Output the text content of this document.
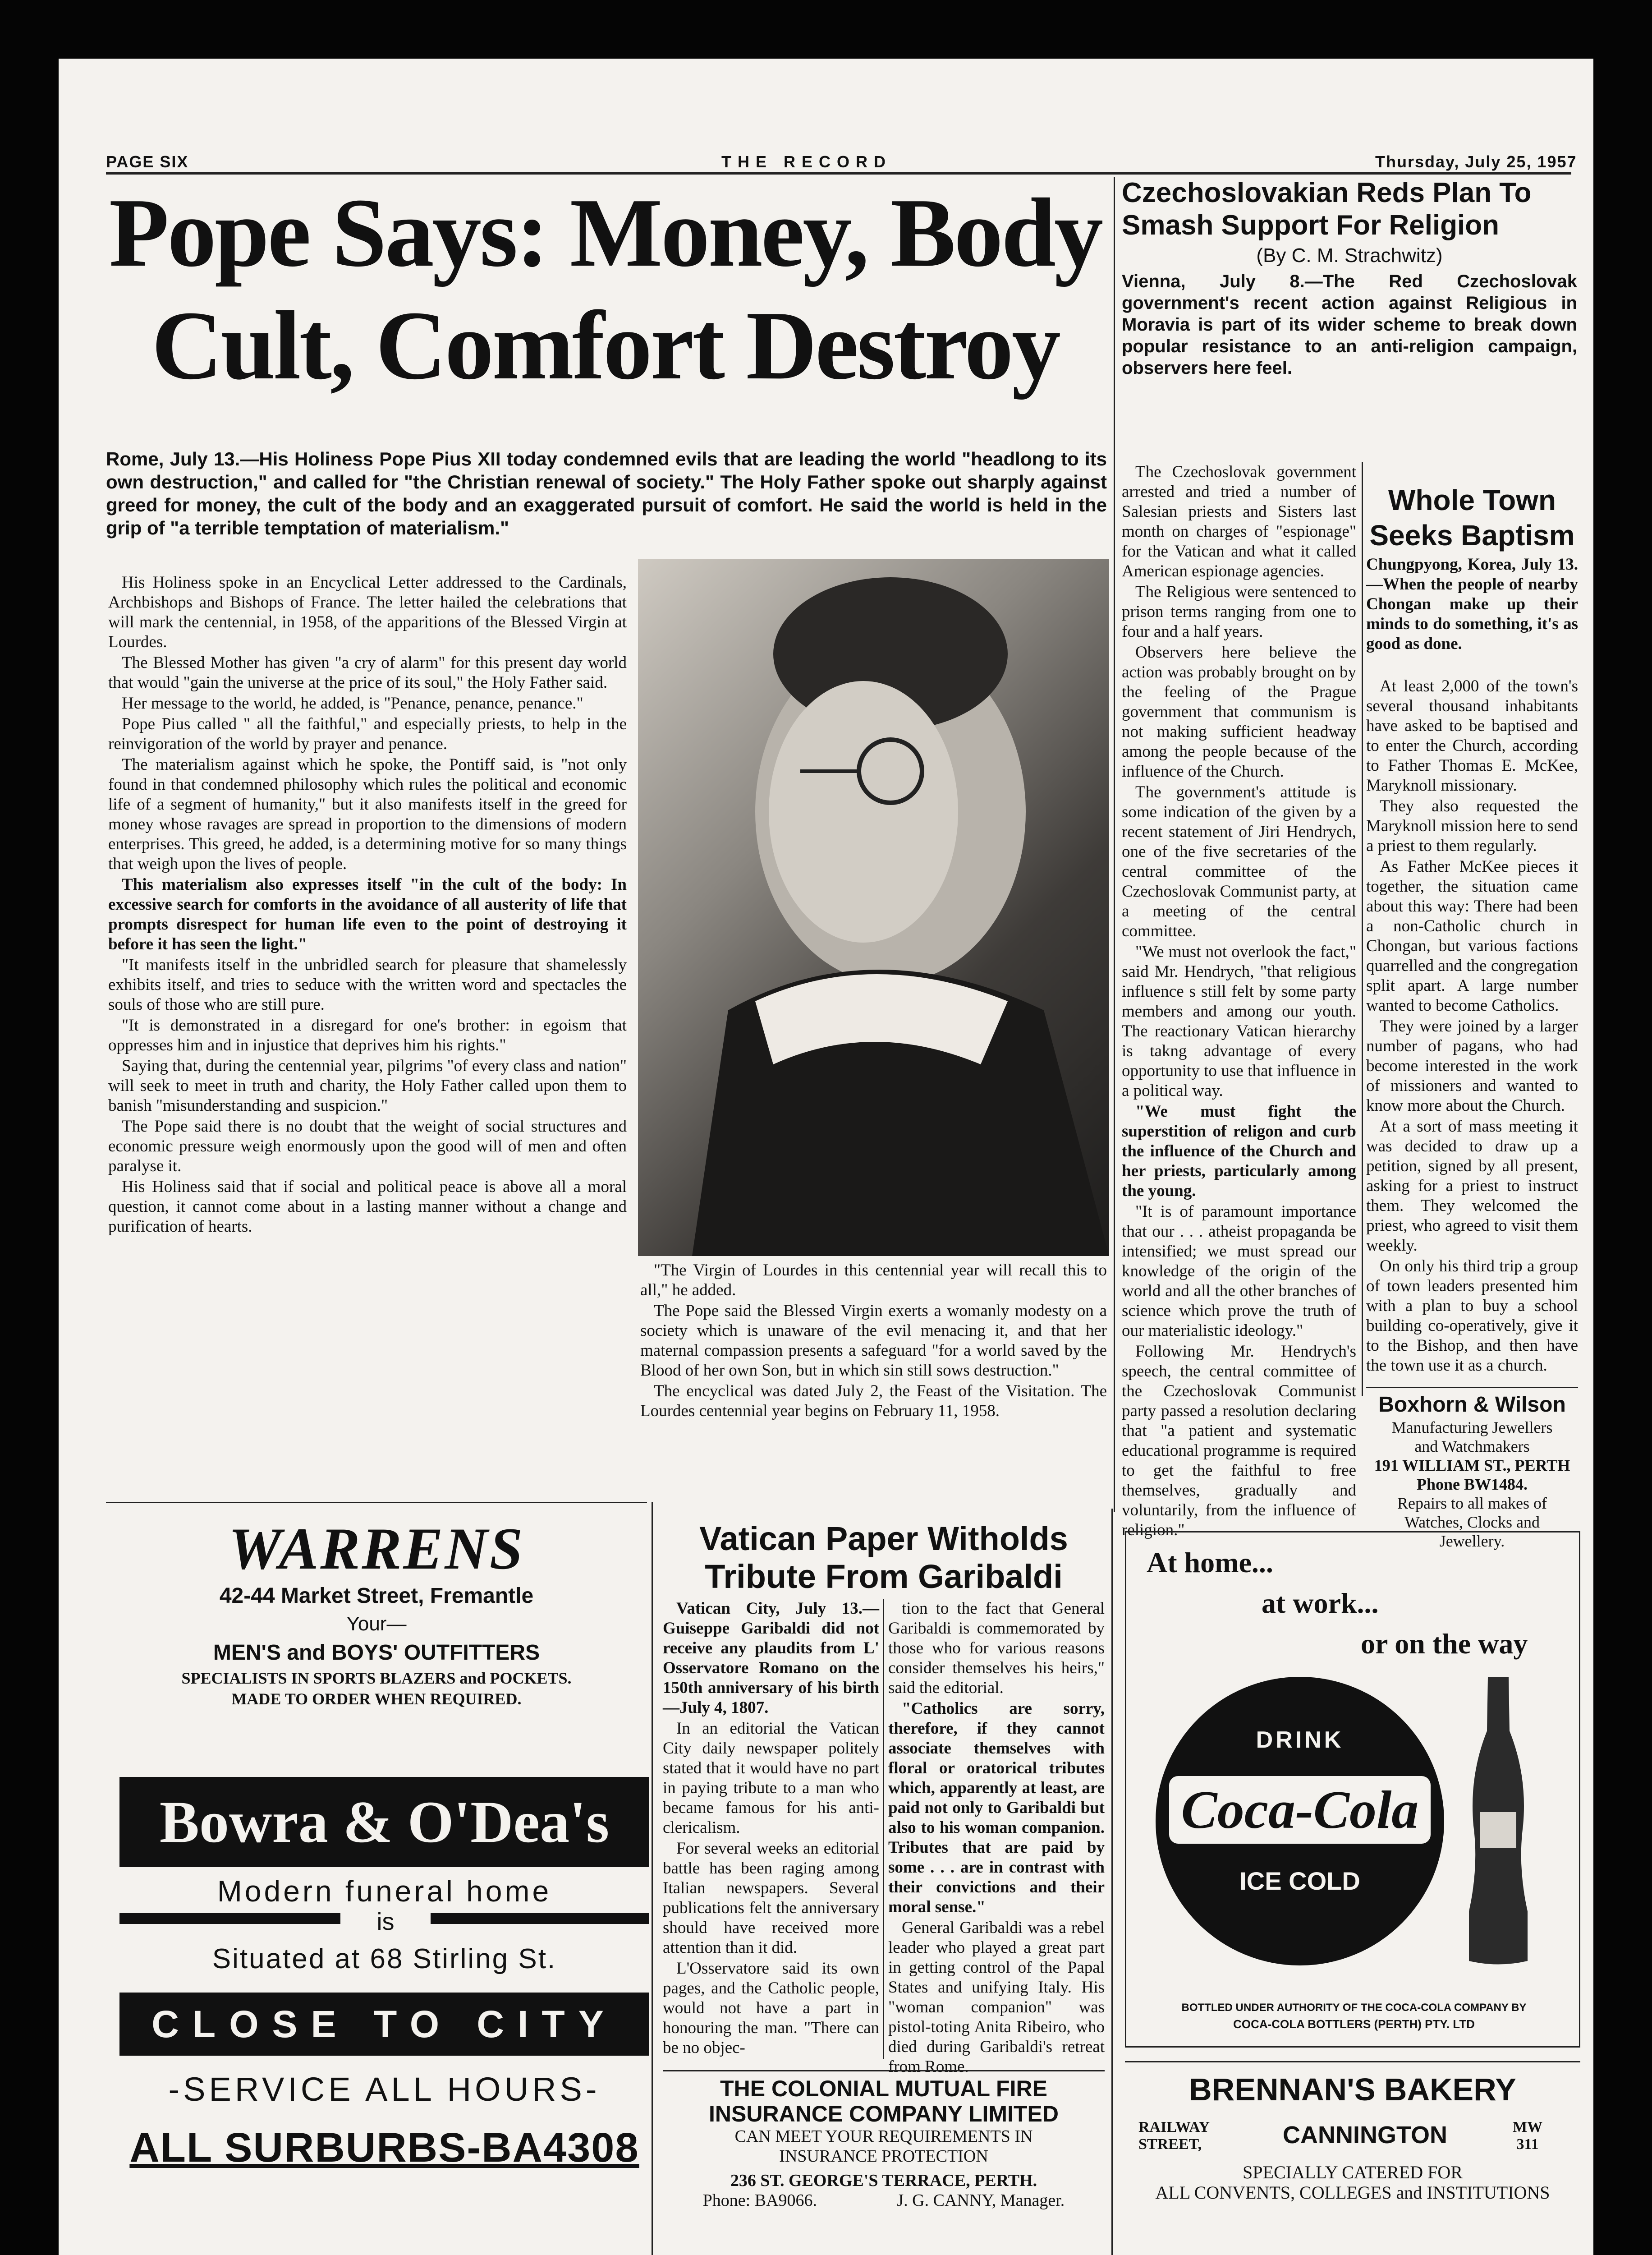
PAGE SIX	THE RECORD	Thursday, July 25, 1957
Pope Says: Money, Body
Cult, Comfort Destroy
Rome, July 13.—His Holiness Pope Pius XII today condemned evils that are leading the world "headlong to its own destruction," and called for "the Christian renewal of society." The Holy Father spoke out sharply against greed for money, the cult of the body and an exaggerated pursuit of comfort. He said the world is held in the grip of "a terrible temptation of materialism."

His Holiness spoke in an Encyclical Letter addressed to the Cardinals, Archbishops and Bishops of France. The letter hailed the celebrations that will mark the centennial, in 1958, of the apparitions of the Blessed Virgin at Lourdes.

The Blessed Mother has given "a cry of alarm" for this present day world that would "gain the universe at the price of its soul," the Holy Father said.

Her message to the world, he added, is "Penance, penance, penance."

Pope Pius called " all the faithful," and especially priests, to help in the reinvigoration of the world by prayer and penance.

The materialism against which he spoke, the Pontiff said, is "not only found in that condemned philosophy which rules the political and economic life of a segment of humanity," but it also manifests itself in the greed for money whose ravages are spread in proportion to the dimensions of modern enterprises. This greed, he added, is a determining motive for so many things that weigh upon the lives of people.

This materialism also expresses itself "in the cult of the body: In excessive search for comforts in the avoidance of all austerity of life that prompts disrespect for human life even to the point of destroying it before it has seen the light."

"It manifests itself in the unbridled search for pleasure that shamelessly exhibits itself, and tries to seduce with the written word and spectacles the souls of those who are still pure.

"It is demonstrated in a disregard for one's brother: in egoism that oppresses him and in injustice that deprives him his rights."

Saying that, during the centennial year, pilgrims "of every class and nation" will seek to meet in truth and charity, the Holy Father called upon them to banish "misunderstanding and suspicion."

The Pope said there is no doubt that the weight of social structures and economic pressure weigh enormously upon the good will of men and often paralyse it.

His Holiness said that if social and political peace is above all a moral question, it cannot come about in a lasting manner without a change and purification of hearts.

"The Virgin of Lourdes in this centennial year will recall this to all," he added.

The Pope said the Blessed Virgin exerts a womanly modesty on a society which is unaware of the evil menacing it, and that her maternal compassion presents a safeguard "for a world saved by the Blood of her own Son, but in which sin still sows destruction."

The encyclical was dated July 2, the Feast of the Visitation. The Lourdes centennial year begins on February 11, 1958.

Czechoslovakian Reds Plan To Smash Support For Religion
(By C. M. Strachwitz)
Vienna, July 8.—The Red Czechoslovak government's recent action against Religious in Moravia is part of its wider scheme to break down popular resistance to an anti-religion campaign, observers here feel.

The Czechoslovak government arrested and tried a number of Salesian priests and Sisters last month on charges of "espionage" for the Vatican and what it called American espionage agencies.

The Religious were sentenced to prison terms ranging from one to four and a half years.

Observers here believe the action was probably brought on by the feeling of the Prague government that communism is not making sufficient headway among the people because of the influence of the Church.

The government's attitude is some indication of the given by a recent statement of Jiri Hendrych, one of the five secretaries of the central committee of the Czechoslovak Communist party, at a meeting of the central committee.

"We must not overlook the fact," said Mr. Hendrych, "that religious influence s still felt by some party members and among our youth. The reactionary Vatican hierarchy is takng advantage of every opportunity to use that influence in a political way.

"We must fight the superstition of religon and curb the influence of the Church and her priests, particularly among the young.

"It is of paramount importance that our . . . atheist propaganda be intensified; we must spread our knowledge of the origin of the world and all the other branches of science which prove the truth of our materialistic ideology."

Following Mr. Hendrych's speech, the central committee of the Czechoslovak Communist party passed a resolution declaring that "a patient and systematic educational programme is required to get the faithful to free themselves, gradually and voluntarily, from the influence of religion."

Whole Town Seeks Baptism
Chungpyong, Korea, July 13.—When the people of nearby Chongan make up their minds to do something, it's as good as done.

At least 2,000 of the town's several thousand inhabitants have asked to be baptised and to enter the Church, according to Father Thomas E. McKee, Maryknoll missionary.

They also requested the Maryknoll mission here to send a priest to them regularly.

As Father McKee pieces it together, the situation came about this way: There had been a non-Catholic church in Chongan, but various factions quarrelled and the congregation split apart. A large number wanted to become Catholics.

They were joined by a larger number of pagans, who had become interested in the work of missioners and wanted to know more about the Church.

At a sort of mass meeting it was decided to draw up a petition, signed by all present, asking for a priest to instruct them. They welcomed the priest, who agreed to visit them weekly.

On only his third trip a group of town leaders presented him with a plan to buy a school building co-operatively, give it to the Bishop, and then have the town use it as a church.

Boxhorn & Wilson
Manufacturing Jewellers
and Watchmakers
191 WILLIAM ST., PERTH
Phone BW1484.
Repairs to all makes of
Watches, Clocks and
Jewellery.
WARRENS
42-44 Market Street, Fremantle
Your—
MEN'S and BOYS' OUTFITTERS
SPECIALISTS IN SPORTS BLAZERS and POCKETS.
MADE TO ORDER WHEN REQUIRED.
Bowra & O'Dea's
Modern funeral home
is
Situated at 68 Stirling St.
CLOSE TO CITY
-SERVICE ALL HOURS-
ALL SURBURBS-BA4308
Vatican Paper Witholds
Tribute From Garibaldi

Vatican City, July 13.—Guiseppe Garibaldi did not receive any plaudits from L' Osservatore Romano on the 150th anniversary of his birth—July 4, 1807.

In an editorial the Vatican City daily newspaper politely stated that it would have no part in paying tribute to a man who became famous for his anti-clericalism.

For several weeks an editorial battle has been raging among Italian newspapers. Several publications felt the anniversary should have received more attention than it did.

L'Osservatore said its own pages, and the Catholic people, would not have a part in honouring the man. "There can be no objec-

tion to the fact that General Garibaldi is commemorated by those who for various reasons consider themselves his heirs," said the editorial.

"Catholics are sorry, therefore, if they cannot associate themselves with floral or oratorical tributes which, apparently at least, are paid not only to Garibaldi but also to his woman companion. Tributes that are paid by some . . . are in contrast with their convictions and their moral sense."

General Garibaldi was a rebel leader who played a great part in getting control of the Papal States and unifying Italy. His "woman companion" was pistol-toting Anita Ribeiro, who died during Garibaldi's retreat from Rome.

THE COLONIAL MUTUAL FIRE
INSURANCE COMPANY LIMITED
CAN MEET YOUR REQUIREMENTS IN
INSURANCE PROTECTION
236 ST. GEORGE'S TERRACE, PERTH.
Phone: BA9066.	J. G. CANNY, Manager.
At home...
at work...
or on the way
DRINK
Coca-Cola
ICE COLD
BOTTLED UNDER AUTHORITY OF THE COCA-COLA COMPANY BY
COCA-COLA BOTTLERS (PERTH) PTY. LTD
BRENNAN'S BAKERY
RAILWAY
STREET,	CANNINGTON	MW
311
SPECIALLY CATERED FOR
ALL CONVENTS, COLLEGES and INSTITUTIONS
